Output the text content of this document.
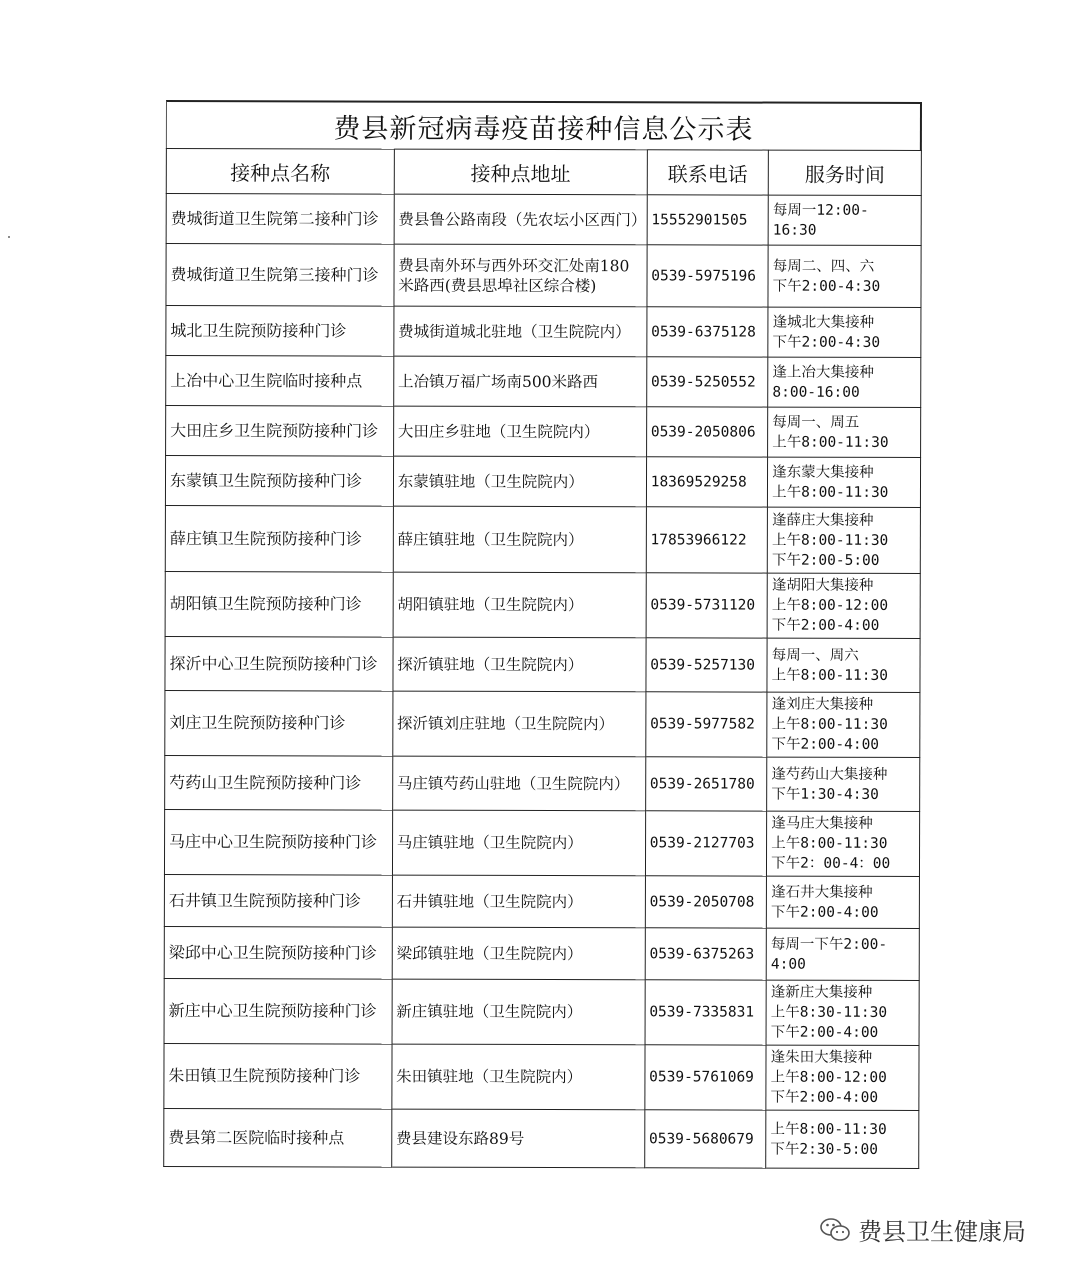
费县新冠病毒疫苗接种信息公示表
接种点名称	接种点地址	联系电话	服务时间
费城街道卫生院第二接种门诊	费县鲁公路南段（先农坛小区西门）	15552901505	每周一12:00-
16:30
费城街道卫生院第三接种门诊	费县南外环与西外环交汇处南180米路西(费县思埠社区综合楼)	0539-5975196	每周二、四、六
下午2:00-4:30
城北卫生院预防接种门诊	费城街道城北驻地（卫生院院内）	0539-6375128	逢城北大集接种
下午2:00-4:30
上冶中心卫生院临时接种点	上冶镇万福广场南500米路西	0539-5250552	逢上冶大集接种
8:00-16:00
大田庄乡卫生院预防接种门诊	大田庄乡驻地（卫生院院内）	0539-2050806	每周一、周五
上午8:00-11:30
东蒙镇卫生院预防接种门诊	东蒙镇驻地（卫生院院内）	18369529258	逢东蒙大集接种
上午8:00-11:30
薛庄镇卫生院预防接种门诊	薛庄镇驻地（卫生院院内）	17853966122	逢薛庄大集接种
上午8:00-11:30
下午2:00-5:00
胡阳镇卫生院预防接种门诊	胡阳镇驻地（卫生院院内）	0539-5731120	逢胡阳大集接种
上午8:00-12:00
下午2:00-4:00
探沂中心卫生院预防接种门诊	探沂镇驻地（卫生院院内）	0539-5257130	每周一、周六
上午8:00-11:30
刘庄卫生院预防接种门诊	探沂镇刘庄驻地（卫生院院内）	0539-5977582	逢刘庄大集接种
上午8:00-11:30
下午2:00-4:00
芍药山卫生院预防接种门诊	马庄镇芍药山驻地（卫生院院内）	0539-2651780	逢芍药山大集接种
下午1:30-4:30
马庄中心卫生院预防接种门诊	马庄镇驻地（卫生院院内）	0539-2127703	逢马庄大集接种
上午8:00-11:30
下午2：00-4：00
石井镇卫生院预防接种门诊	石井镇驻地（卫生院院内）	0539-2050708	逢石井大集接种
下午2:00-4:00
梁邱中心卫生院预防接种门诊	梁邱镇驻地（卫生院院内）	0539-6375263	每周一下午2:00-
4:00
新庄中心卫生院预防接种门诊	新庄镇驻地（卫生院院内）	0539-7335831	逢新庄大集接种
上午8:30-11:30
下午2:00-4:00
朱田镇卫生院预防接种门诊	朱田镇驻地（卫生院院内）	0539-5761069	逢朱田大集接种
上午8:00-12:00
下午2:00-4:00
费县第二医院临时接种点	费县建设东路89号	0539-5680679	上午8:00-11:30
下午2:30-5:00
费县卫生健康局
